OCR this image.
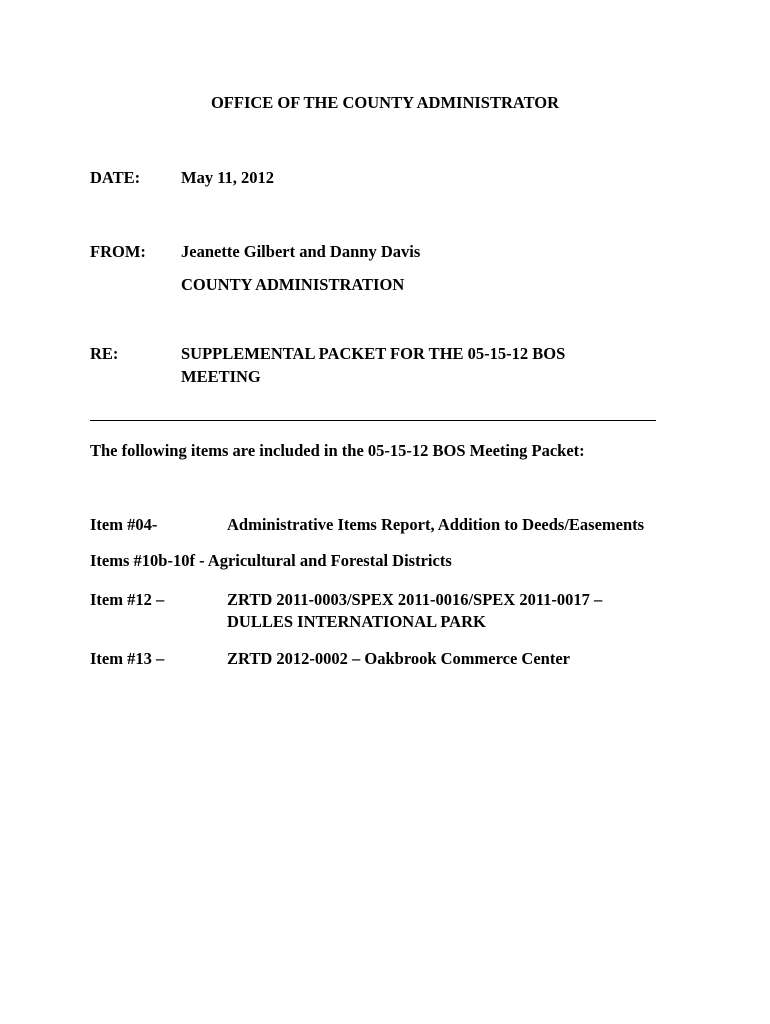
OFFICE OF THE COUNTY ADMINISTRATOR
DATE: May 11, 2012
FROM: Jeanette Gilbert and Danny Davis
COUNTY ADMINISTRATION
RE:	SUPPLEMENTAL PACKET FOR THE 05-15-12 BOS
MEETING
The following items are included in the 05-15-12 BOS Meeting Packet:
Item #04-	Administrative Items Report, Addition to Deeds/Easements
Items #10b-10f - Agricultural and Forestal Districts
Item #12 –	ZRTD 2011-0003/SPEX 2011-0016/SPEX 2011-0017 –
DULLES INTERNATIONAL PARK
Item #13 –	ZRTD 2012-0002 – Oakbrook Commerce Center
